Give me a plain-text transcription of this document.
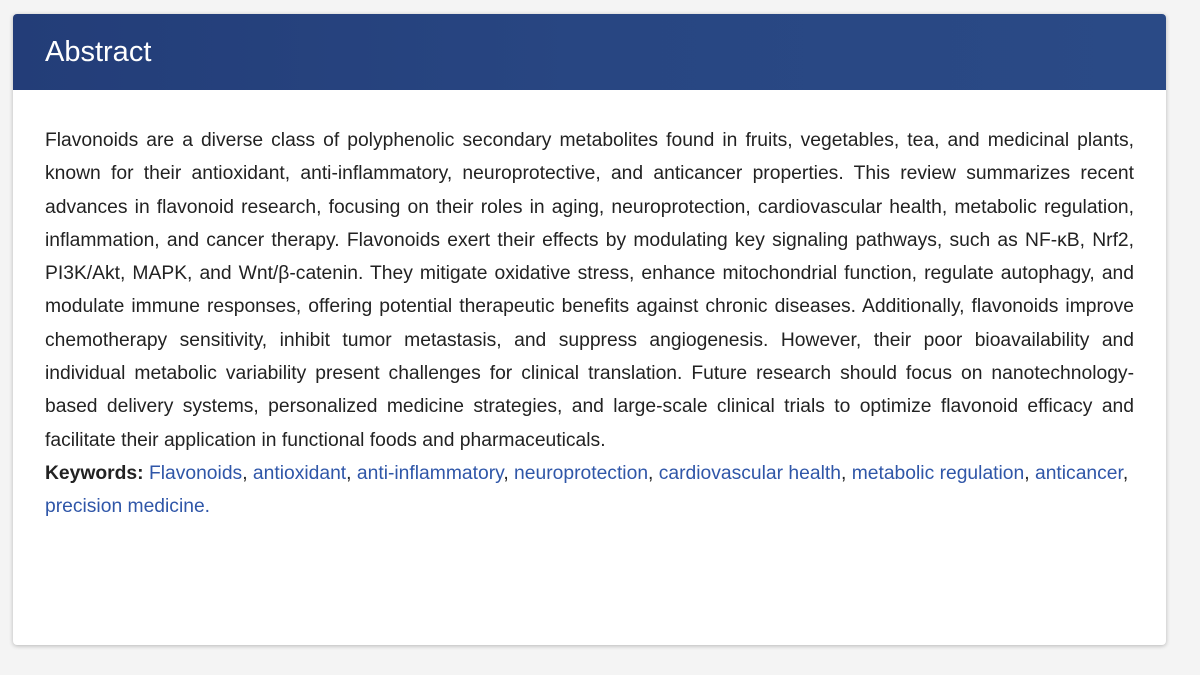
Abstract

Flavonoids are a diverse class of polyphenolic secondary metabolites found in fruits, vegetables, tea, and medicinal plants, known for their antioxidant, anti-inflammatory, neuroprotective, and anticancer properties. This review summarizes recent advances in flavonoid research, focusing on their roles in aging, neuroprotection, cardiovascular health, metabolic regulation, inflammation, and cancer therapy. Flavonoids exert their effects by modulating key signaling pathways, such as NF-κB, Nrf2, PI3K/Akt, MAPK, and Wnt/β-catenin. They mitigate oxidative stress, enhance mitochondrial function, regulate autophagy, and modulate immune responses, offering potential therapeutic benefits against chronic diseases. Additionally, flavonoids improve chemotherapy sensitivity, inhibit tumor metastasis, and suppress angiogenesis. However, their poor bioavailability and individual metabolic variability present challenges for clinical translation. Future research should focus on nanotechnology-based delivery systems, personalized medicine strategies, and large-scale clinical trials to optimize flavonoid efficacy and facilitate their application in functional foods and pharmaceuticals.

Keywords: Flavonoids, antioxidant, anti-inflammatory, neuroprotection, cardiovascular health, metabolic regulation, anticancer, precision medicine.
